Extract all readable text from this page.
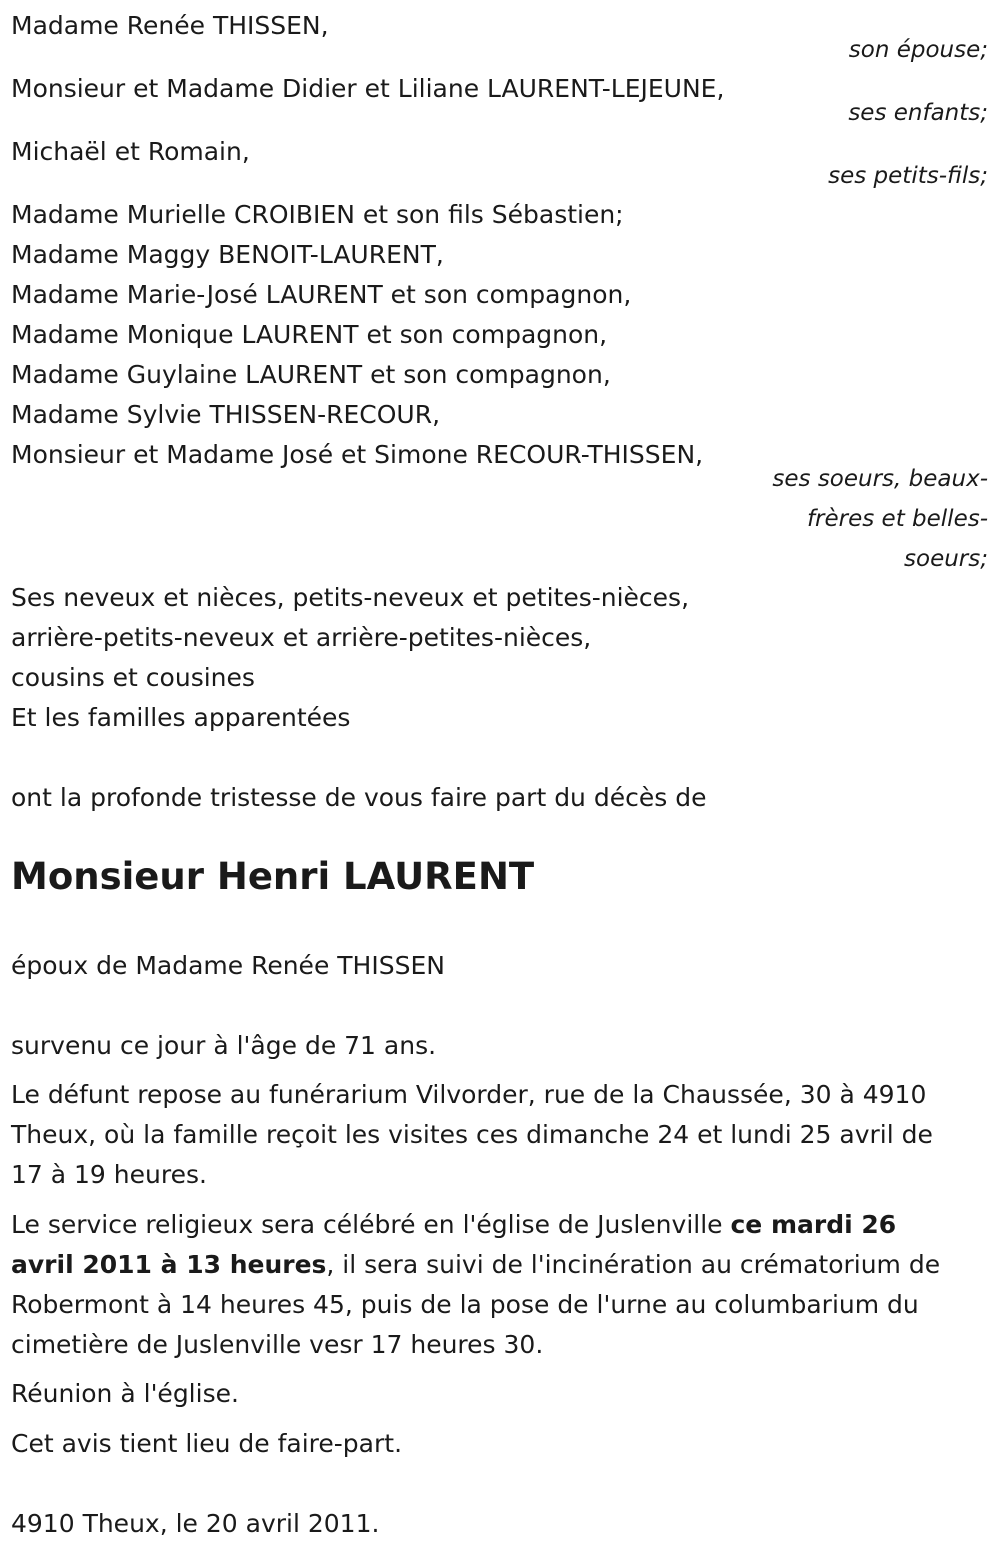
Madame Renée THISSEN,
son épouse;
Monsieur et Madame Didier et Liliane LAURENT-LEJEUNE,
ses enfants;
Michaël et Romain,
ses petits-fils;
Madame Murielle CROIBIEN et son fils Sébastien;
Madame Maggy BENOIT-LAURENT,
Madame Marie-José LAURENT et son compagnon,
Madame Monique LAURENT et son compagnon,
Madame Guylaine LAURENT et son compagnon,
Madame Sylvie THISSEN-RECOUR,
Monsieur et Madame José et Simone RECOUR-THISSEN,
ses soeurs, beaux-
frères et belles-
soeurs;
Ses neveux et nièces, petits-neveux et petites-nièces,
arrière-petits-neveux et arrière-petites-nièces,
cousins et cousines
Et les familles apparentées
ont la profonde tristesse de vous faire part du décès de
Monsieur Henri LAURENT
époux de Madame Renée THISSEN
survenu ce jour à l'âge de 71 ans.
Le défunt repose au funérarium Vilvorder, rue de la Chaussée, 30 à 4910
Theux, où la famille reçoit les visites ces dimanche 24 et lundi 25 avril de
17 à 19 heures.
Le service religieux sera célébré en l'église de Juslenville ce mardi 26
avril 2011 à 13 heures, il sera suivi de l'incinération au crématorium de
Robermont à 14 heures 45, puis de la pose de l'urne au columbarium du
cimetière de Juslenville vesr 17 heures 30.
Réunion à l'église.
Cet avis tient lieu de faire-part.
4910 Theux, le 20 avril 2011.
